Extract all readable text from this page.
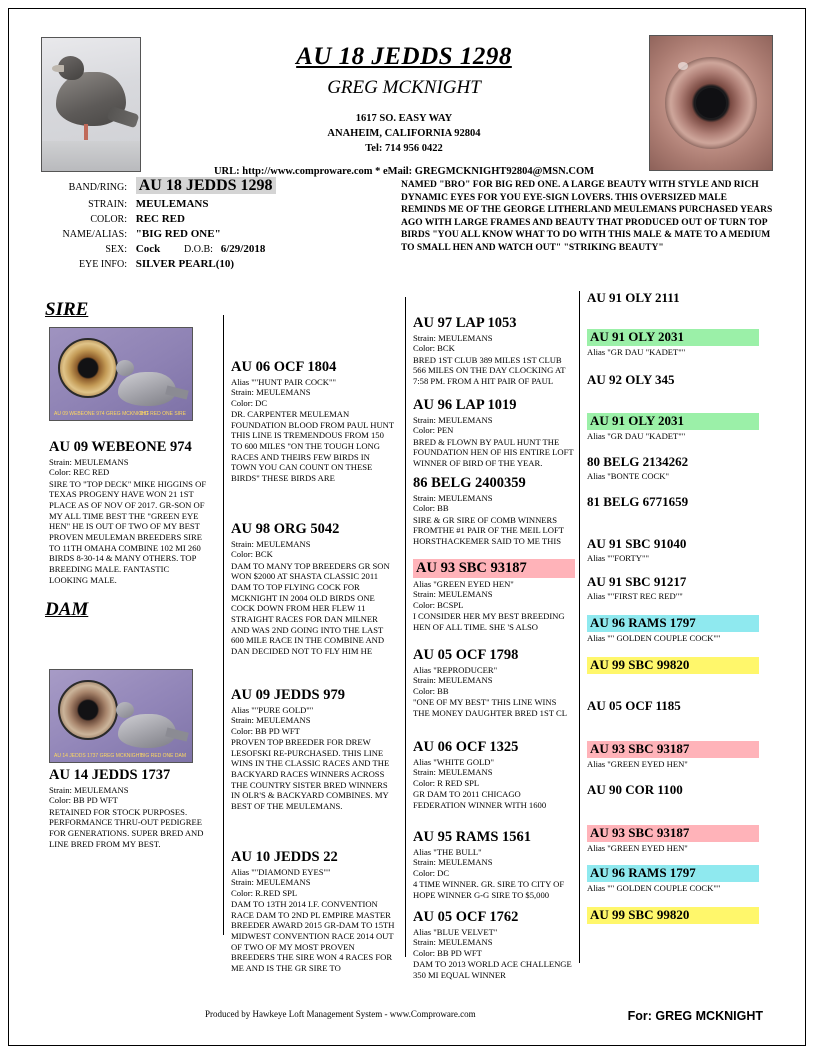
AU 18 JEDDS 1298
GREG MCKNIGHT
1617 SO. EASY WAY
ANAHEIM, CALIFORNIA 92804
Tel: 714 956 0422
URL: http://www.comproware.com * eMail: GREGMCKNIGHT92804@MSN.COM
BAND/RING: AU 18 JEDDS 1298
STRAIN: MEULEMANS
COLOR: REC RED
NAME/ALIAS: "BIG RED ONE"
SEX: Cock D.O.B: 6/29/2018
EYE INFO: SILVER PEARL(10)
NAMED "BRO" FOR BIG RED ONE. A LARGE BEAUTY WITH STYLE AND RICH DYNAMIC EYES FOR YOU EYE-SIGN LOVERS. THIS OVERSIZED MALE REMINDS ME OF THE GEORGE LITHERLAND MEULEMANS PURCHASED YEARS AGO WITH LARGE FRAMES AND BEAUTY THAT PRODUCED OUT OF TURN TOP BIRDS "YOU ALL KNOW WHAT TO DO WITH THIS MALE & MATE TO A MEDIUM TO SMALL HEN AND WATCH OUT" "STRIKING BEAUTY"
SIRE
DAM
AU 09 WEBEONE 974 GREG MCKNIGHT
BIG RED ONE SIRE
AU 14 JEDDS 1737 GREG MCKNIGHT
BIG RED ONE DAM
AU 09 WEBEONE 974
Strain: MEULEMANS
Color: REC RED
SIRE TO "TOP DECK" MIKE HIGGINS OF TEXAS PROGENY HAVE WON 21 1ST PLACE AS OF NOV OF 2017. GR-SON OF MY ALL TIME BEST THE "GREEN EYE HEN" HE IS OUT OF TWO OF MY BEST PROVEN MEULEMAN BREEDERS SIRE TO 11TH OMAHA COMBINE 102 MI 260 BIRDS 8-30-14 & MANY OTHERS. TOP BREEDING MALE. FANTASTIC LOOKING MALE.
AU 14 JEDDS 1737
Strain: MEULEMANS
Color: BB PD WFT
RETAINED FOR STOCK PURPOSES. PERFORMANCE THRU-OUT PEDIGREE FOR GENERATIONS. SUPER BRED AND LINE BRED FROM MY BEST.
AU 06 OCF 1804
Alias ""HUNT PAIR COCK""
Strain: MEULEMANS
Color: DC
DR. CARPENTER MEULEMAN FOUNDATION BLOOD FROM PAUL HUNT THIS LINE IS TREMENDOUS FROM 150 TO 600 MILES "ON THE TOUGH LONG RACES AND THEIRS FEW BIRDS IN TOWN YOU CAN COUNT ON THESE BIRDS" THESE BIRDS ARE
AU 98 ORG 5042
Strain: MEULEMANS
Color: BCK
DAM TO MANY TOP BREEDERS GR SON WON $2000 AT SHASTA CLASSIC 2011 DAM TO TOP FLYING COCK FOR MCKNIGHT IN 2004 OLD BIRDS ONE COCK DOWN FROM HER FLEW 11 STRAIGHT RACES FOR DAN MILNER AND WAS 2ND GOING INTO THE LAST 600 MILE RACE IN THE COMBINE AND DAN DECIDED NOT TO FLY HIM HE
AU 09 JEDDS 979
Alias ""PURE GOLD""
Strain: MEULEMANS
Color: BB PD WFT
PROVEN TOP BREEDER FOR DREW LESOFSKI RE-PURCHASED. THIS LINE WINS IN THE CLASSIC RACES AND THE BACKYARD RACES WINNERS ACROSS THE COUNTRY SISTER BRED WINNERS IN OLR'S & BACKYARD COMBINES. MY BEST OF THE MEULEMANS.
AU 10 JEDDS 22
Alias ""DIAMOND EYES""
Strain: MEULEMANS
Color: R.RED SPL
DAM TO 13TH 2014 I.F. CONVENTION RACE DAM TO 2ND PL EMPIRE MASTER BREEDER AWARD 2015 GR-DAM TO 15TH MIDWEST CONVENTION RACE 2014 OUT OF TWO OF MY MOST PROVEN BREEDERS THE SIRE WON 4 RACES FOR ME AND IS THE GR SIRE TO
AU 97 LAP 1053
Strain: MEULEMANS
Color: BCK
BRED 1ST CLUB 389 MILES 1ST CLUB 566 MILES ON THE DAY CLOCKING AT 7:58 PM. FROM A HIT PAIR OF PAUL
AU 96 LAP 1019
Strain: MEULEMANS
Color: PEN
BRED & FLOWN BY PAUL HUNT THE FOUNDATION HEN OF HIS ENTIRE LOFT WINNER OF BIRD OF THE YEAR.
86 BELG 2400359
Strain: MEULEMANS
Color: BB
SIRE & GR SIRE OF COMB WINNERS FROMTHE #1 PAIR OF THE MEIL LOFT HORSTHACKEMER SAID TO ME THIS
AU 93 SBC 93187
Alias "GREEN EYED HEN"
Strain: MEULEMANS
Color: BCSPL
I CONSIDER HER MY BEST BREEDING HEN OF ALL TIME. SHE 'S ALSO
AU 05 OCF 1798
Alias "REPRODUCER"
Strain: MEULEMANS
Color: BB
"ONE OF MY BEST" THIS LINE WINS THE MONEY DAUGHTER BRED 1ST CL
AU 06 OCF 1325
Alias "WHITE GOLD"
Strain: MEULEMANS
Color: R RED SPL
GR DAM TO 2011 CHICAGO FEDERATION WINNER WITH 1600
AU 95 RAMS 1561
Alias "THE BULL"
Strain: MEULEMANS
Color: DC
4 TIME WINNER. GR. SIRE TO CITY OF HOPE WINNER G-G SIRE TO $5,000
AU 05 OCF 1762
Alias "BLUE VELVET"
Strain: MEULEMANS
Color: BB PD WFT
DAM TO 2013 WORLD ACE CHALLENGE 350 MI EQUAL WINNER
AU 91 OLY 2111
AU 91 OLY 2031
Alias "GR DAU "KADET""
AU 92 OLY 345
AU 91 OLY 2031
Alias "GR DAU "KADET""
80 BELG 2134262
Alias "BONTE COCK"
81 BELG 6771659
AU 91 SBC 91040
Alias ""FORTY""
AU 91 SBC 91217
Alias ""FIRST REC RED""
AU 96 RAMS 1797
Alias "" GOLDEN COUPLE COCK""
AU 99 SBC 99820
AU 05 OCF 1185
AU 93 SBC 93187
Alias "GREEN EYED HEN"
AU 90 COR 1100
AU 93 SBC 93187
Alias "GREEN EYED HEN"
AU 96 RAMS 1797
Alias "" GOLDEN COUPLE COCK""
AU 99 SBC 99820
Produced by Hawkeye Loft Management System - www.Comproware.com	For: GREG MCKNIGHT
